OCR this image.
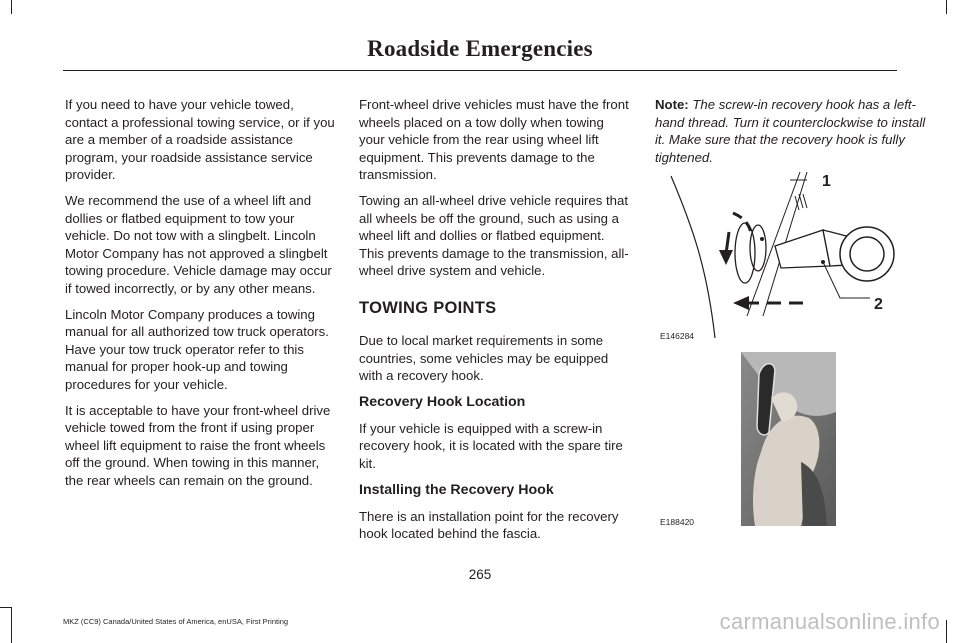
Roadside Emergencies

If you need to have your vehicle towed, contact a professional towing service, or if you are a member of a roadside assistance program, your roadside assistance service provider.

We recommend the use of a wheel lift and dollies or flatbed equipment to tow your vehicle. Do not tow with a slingbelt. Lincoln Motor Company has not approved a slingbelt towing procedure. Vehicle damage may occur if towed incorrectly, or by any other means.

Lincoln Motor Company produces a towing manual for all authorized tow truck operators. Have your tow truck operator refer to this manual for proper hook-up and towing procedures for your vehicle.

It is acceptable to have your front-wheel drive vehicle towed from the front if using proper wheel lift equipment to raise the front wheels off the ground. When towing in this manner, the rear wheels can remain on the ground.

Front-wheel drive vehicles must have the front wheels placed on a tow dolly when towing your vehicle from the rear using wheel lift equipment. This prevents damage to the transmission.

Towing an all-wheel drive vehicle requires that all wheels be off the ground, such as using a wheel lift and dollies or flatbed equipment. This prevents damage to the transmission, all-wheel drive system and vehicle.

TOWING POINTS

Due to local market requirements in some countries, some vehicles may be equipped with a recovery hook.

Recovery Hook Location

If your vehicle is equipped with a screw-in recovery hook, it is located with the spare tire kit.

Installing the Recovery Hook

There is an installation point for the recovery hook located behind the fascia.

Note: The screw-in recovery hook has a left-hand thread. Turn it counterclockwise to install it. Make sure that the recovery hook is fully tightened.

1
2
E146284
E188420
265
MKZ (CC9) Canada/United States of America, enUSA, First Printing	carmanualsonline.info
